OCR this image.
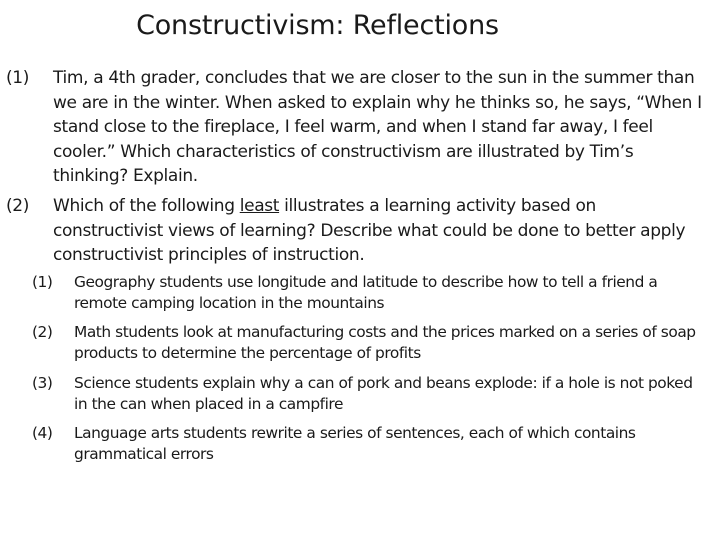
Constructivism: Reflections
(1) Tim, a 4th grader, concludes that we are closer to the sun in the summer than we are in the winter. When asked to explain why he thinks so, he says, “When I stand close to the fireplace, I feel warm, and when I stand far away, I feel cooler.” Which characteristics of constructivism are illustrated by Tim’s thinking? Explain.
(2) Which of the following least illustrates a learning activity based on constructivist views of learning? Describe what could be done to better apply constructivist principles of instruction.
(1) Geography students use longitude and latitude to describe how to tell a friend a remote camping location in the mountains
(2) Math students look at manufacturing costs and the prices marked on a series of soap products to determine the percentage of profits
(3) Science students explain why a can of pork and beans explode: if a hole is not poked in the can when placed in a campfire
(4) Language arts students rewrite a series of sentences, each of which contains grammatical errors
